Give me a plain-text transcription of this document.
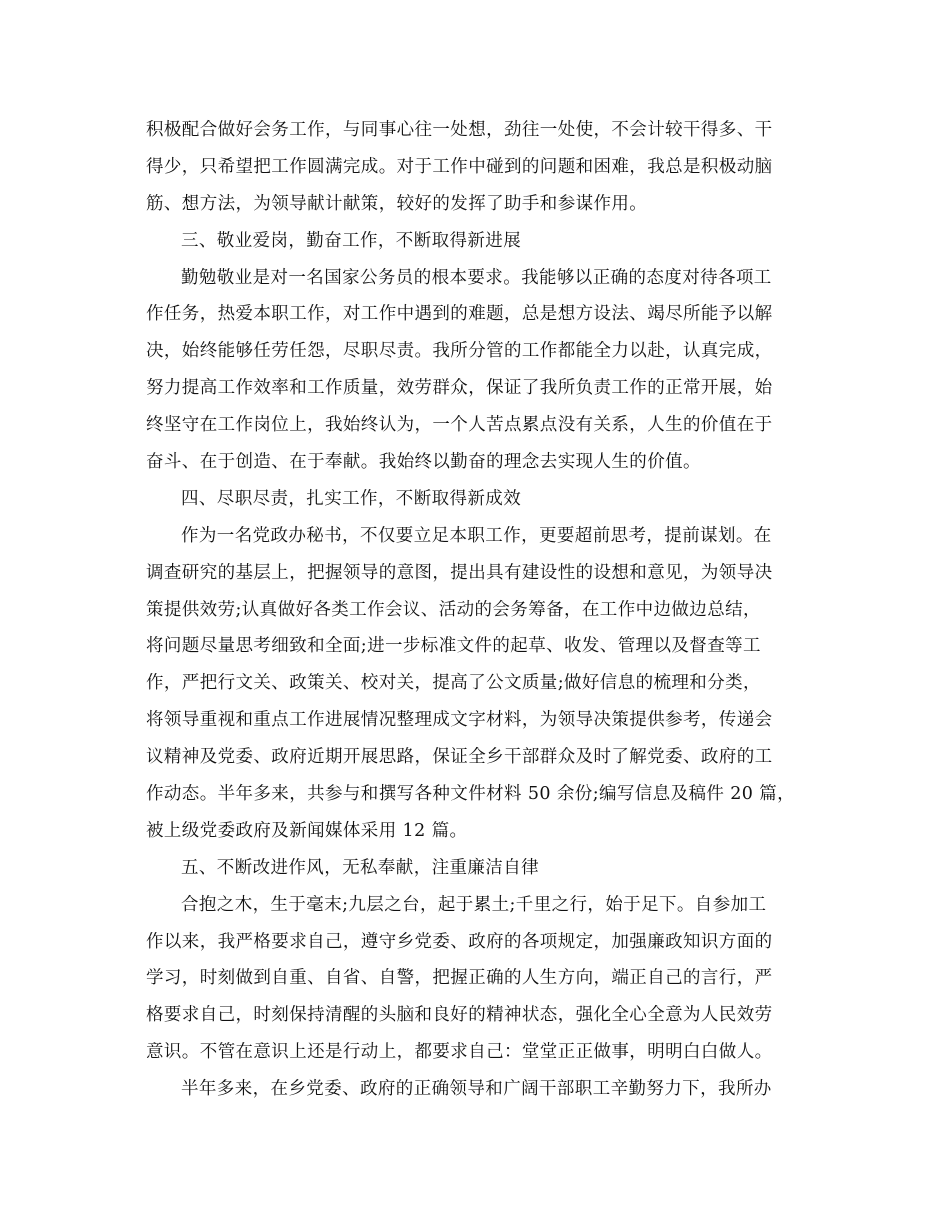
积极配合做好会务工作，与同事心往一处想，劲往一处使，不会计较干得多、干
得少，只希望把工作圆满完成。对于工作中碰到的问题和困难，我总是积极动脑
筋、想方法，为领导献计献策，较好的发挥了助手和参谋作用。
三、敬业爱岗，勤奋工作，不断取得新进展
勤勉敬业是对一名国家公务员的根本要求。我能够以正确的态度对待各项工
作任务，热爱本职工作，对工作中遇到的难题，总是想方设法、竭尽所能予以解
决，始终能够任劳任怨，尽职尽责。我所分管的工作都能全力以赴，认真完成，
努力提高工作效率和工作质量，效劳群众，保证了我所负责工作的正常开展，始
终坚守在工作岗位上，我始终认为，一个人苦点累点没有关系，人生的价值在于
奋斗、在于创造、在于奉献。我始终以勤奋的理念去实现人生的价值。
四、尽职尽责，扎实工作，不断取得新成效
作为一名党政办秘书，不仅要立足本职工作，更要超前思考，提前谋划。在
调查研究的基层上，把握领导的意图，提出具有建设性的设想和意见，为领导决
策提供效劳;认真做好各类工作会议、活动的会务筹备，在工作中边做边总结，
将问题尽量思考细致和全面;进一步标准文件的起草、收发、管理以及督查等工
作，严把行文关、政策关、校对关，提高了公文质量;做好信息的梳理和分类，
将领导重视和重点工作进展情况整理成文字材料，为领导决策提供参考，传递会
议精神及党委、政府近期开展思路，保证全乡干部群众及时了解党委、政府的工
作动态。半年多来，共参与和撰写各种文件材料 50 余份;编写信息及稿件 20 篇，
被上级党委政府及新闻媒体采用 12 篇。
五、不断改进作风，无私奉献，注重廉洁自律
合抱之木，生于毫末;九层之台，起于累土;千里之行，始于足下。自参加工
作以来，我严格要求自己，遵守乡党委、政府的各项规定，加强廉政知识方面的
学习，时刻做到自重、自省、自警，把握正确的人生方向，端正自己的言行，严
格要求自己，时刻保持清醒的头脑和良好的精神状态，强化全心全意为人民效劳
意识。不管在意识上还是行动上，都要求自己：堂堂正正做事，明明白白做人。
半年多来，在乡党委、政府的正确领导和广阔干部职工辛勤努力下，我所办
